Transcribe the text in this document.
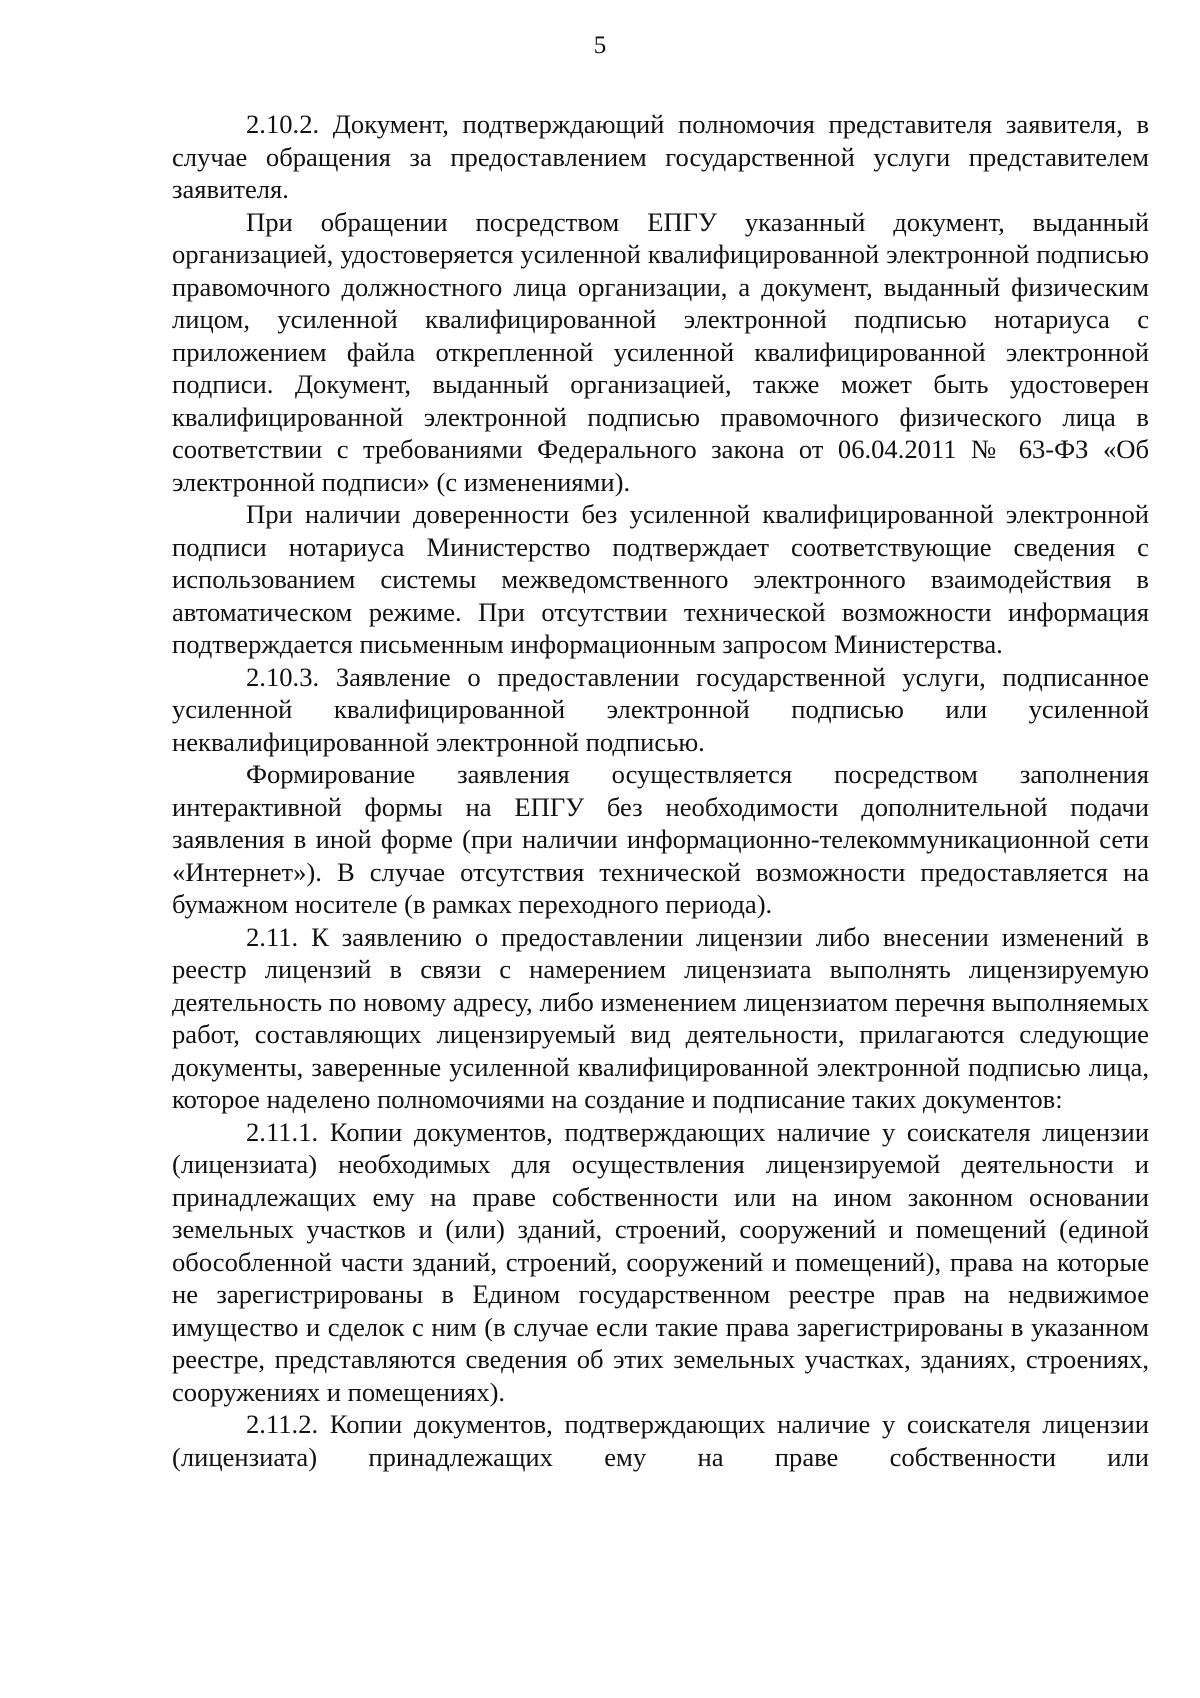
5

2.10.2. Документ, подтверждающий полномочия представителя заявителя, в случае обращения за предоставлением государственной услуги представителем заявителя.

При обращении посредством ЕПГУ указанный документ, выданный организацией, удостоверяется усиленной квалифицированной электронной подписью правомочного должностного лица организации, а документ, выданный физическим лицом, усиленной квалифицированной электронной подписью нотариуса с приложением файла открепленной усиленной квалифицированной электронной подписи. Документ, выданный организацией, также может быть удостоверен квалифицированной электронной подписью правомочного физического лица в соответствии с требованиями Федерального закона от 06.04.2011 № 63-ФЗ «Об электронной подписи» (с изменениями).

При наличии доверенности без усиленной квалифицированной электронной подписи нотариуса Министерство подтверждает соответствующие сведения с использованием системы межведомственного электронного взаимодействия в автоматическом режиме. При отсутствии технической возможности информация подтверждается письменным информационным запросом Министерства.

2.10.3. Заявление о предоставлении государственной услуги, подписанное усиленной квалифицированной электронной подписью или усиленной неквалифицированной электронной подписью.

Формирование заявления осуществляется посредством заполнения интерактивной формы на ЕПГУ без необходимости дополнительной подачи заявления в иной форме (при наличии информационно-телекоммуникационной сети «Интернет»). В случае отсутствия технической возможности предоставляется на бумажном носителе (в рамках переходного периода).

2.11. К заявлению о предоставлении лицензии либо внесении изменений в реестр лицензий в связи с намерением лицензиата выполнять лицензируемую деятельность по новому адресу, либо изменением лицензиатом перечня выполняемых работ, составляющих лицензируемый вид деятельности, прилагаются следующие документы, заверенные усиленной квалифицированной электронной подписью лица, которое наделено полномочиями на создание и подписание таких документов:

2.11.1. Копии документов, подтверждающих наличие у соискателя лицензии (лицензиата) необходимых для осуществления лицензируемой деятельности и принадлежащих ему на праве собственности или на ином законном основании земельных участков и (или) зданий, строений, сооружений и помещений (единой обособленной части зданий, строений, сооружений и помещений), права на которые не зарегистрированы в Едином государственном реестре прав на недвижимое имущество и сделок с ним (в случае если такие права зарегистрированы в указанном реестре, представляются сведения об этих земельных участках, зданиях, строениях, сооружениях и помещениях).

2.11.2. Копии документов, подтверждающих наличие у соискателя лицензии (лицензиата) принадлежащих ему на праве собственности или
